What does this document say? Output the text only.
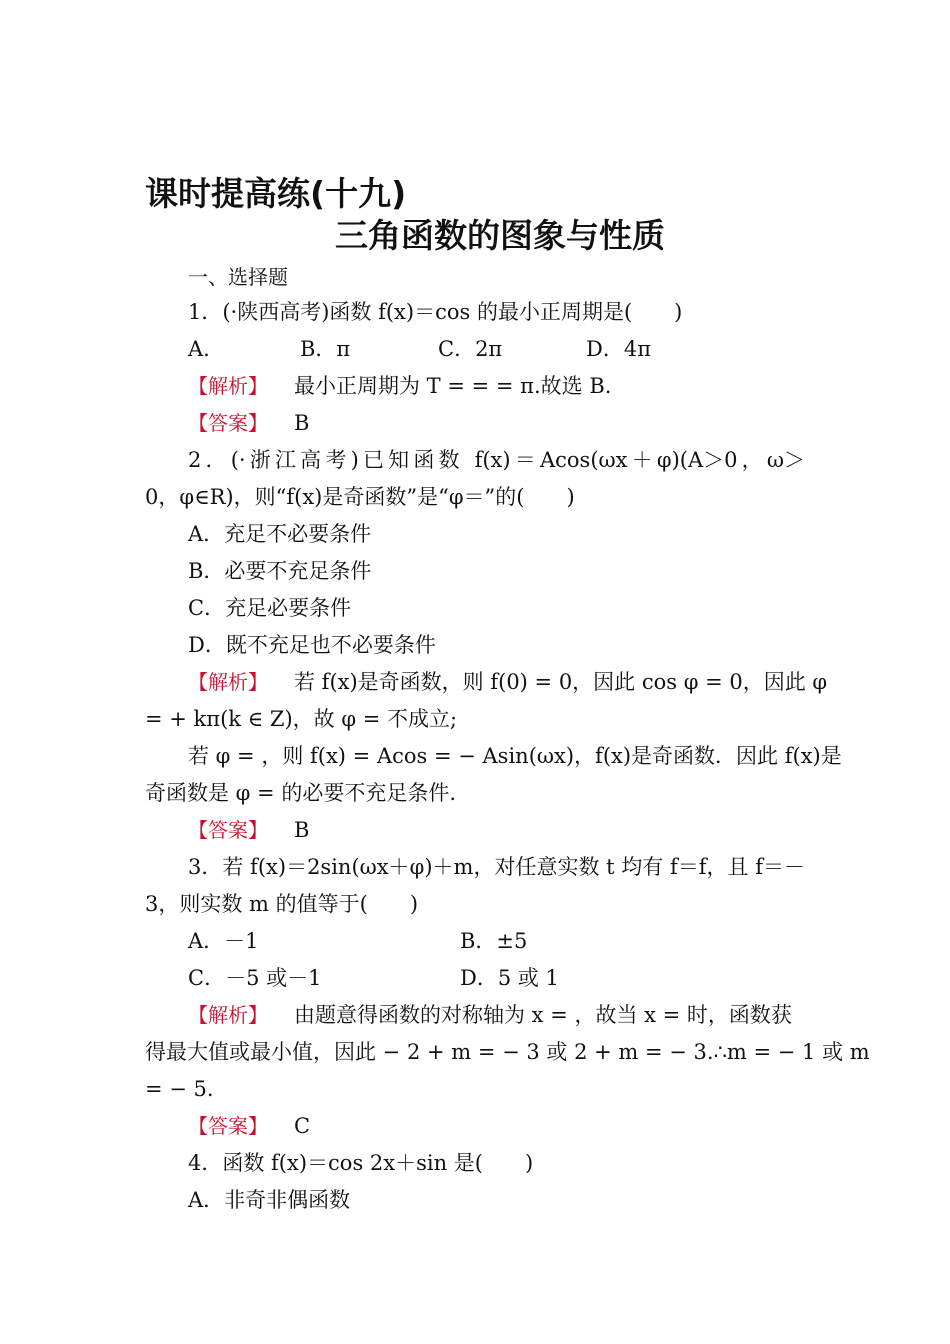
课时提高练(十九)
三角函数的图象与性质
一、选择题
1．(·陕西高考)函数 f(x)＝cos 的最小正周期是(　　)
A.	B．π	C．2π	D．4π
【解析】 最小正周期为 T = = = π.故选 B.
【答案】 B
2．(·浙江高考)已知函数 f(x)＝Acos(ωx＋φ)(A＞0，ω＞
0，φ∈R)，则“f(x)是奇函数”是“φ＝”的(　　)
A．充足不必要条件
B．必要不充足条件
C．充足必要条件
D．既不充足也不必要条件
【解析】 若 f(x)是奇函数，则 f(0) = 0，因此 cos φ = 0，因此 φ
= + kπ(k ∈ Z)，故 φ = 不成立;
若 φ = ，则 f(x) = Acos = − Asin(ωx)，f(x)是奇函数．因此 f(x)是
奇函数是 φ = 的必要不充足条件.
【答案】 B
3．若 f(x)＝2sin(ωx＋φ)＋m，对任意实数 t 均有 f＝f，且 f＝－
3，则实数 m 的值等于(　　)
A．－1	B．±5
C．－5 或－1	D．5 或 1
【解析】 由题意得函数的对称轴为 x = ，故当 x = 时，函数获
得最大值或最小值，因此 − 2 + m = − 3 或 2 + m = − 3.∴m = − 1 或 m
= − 5.
【答案】 C
4．函数 f(x)＝cos 2x＋sin 是(　　)
A．非奇非偶函数
